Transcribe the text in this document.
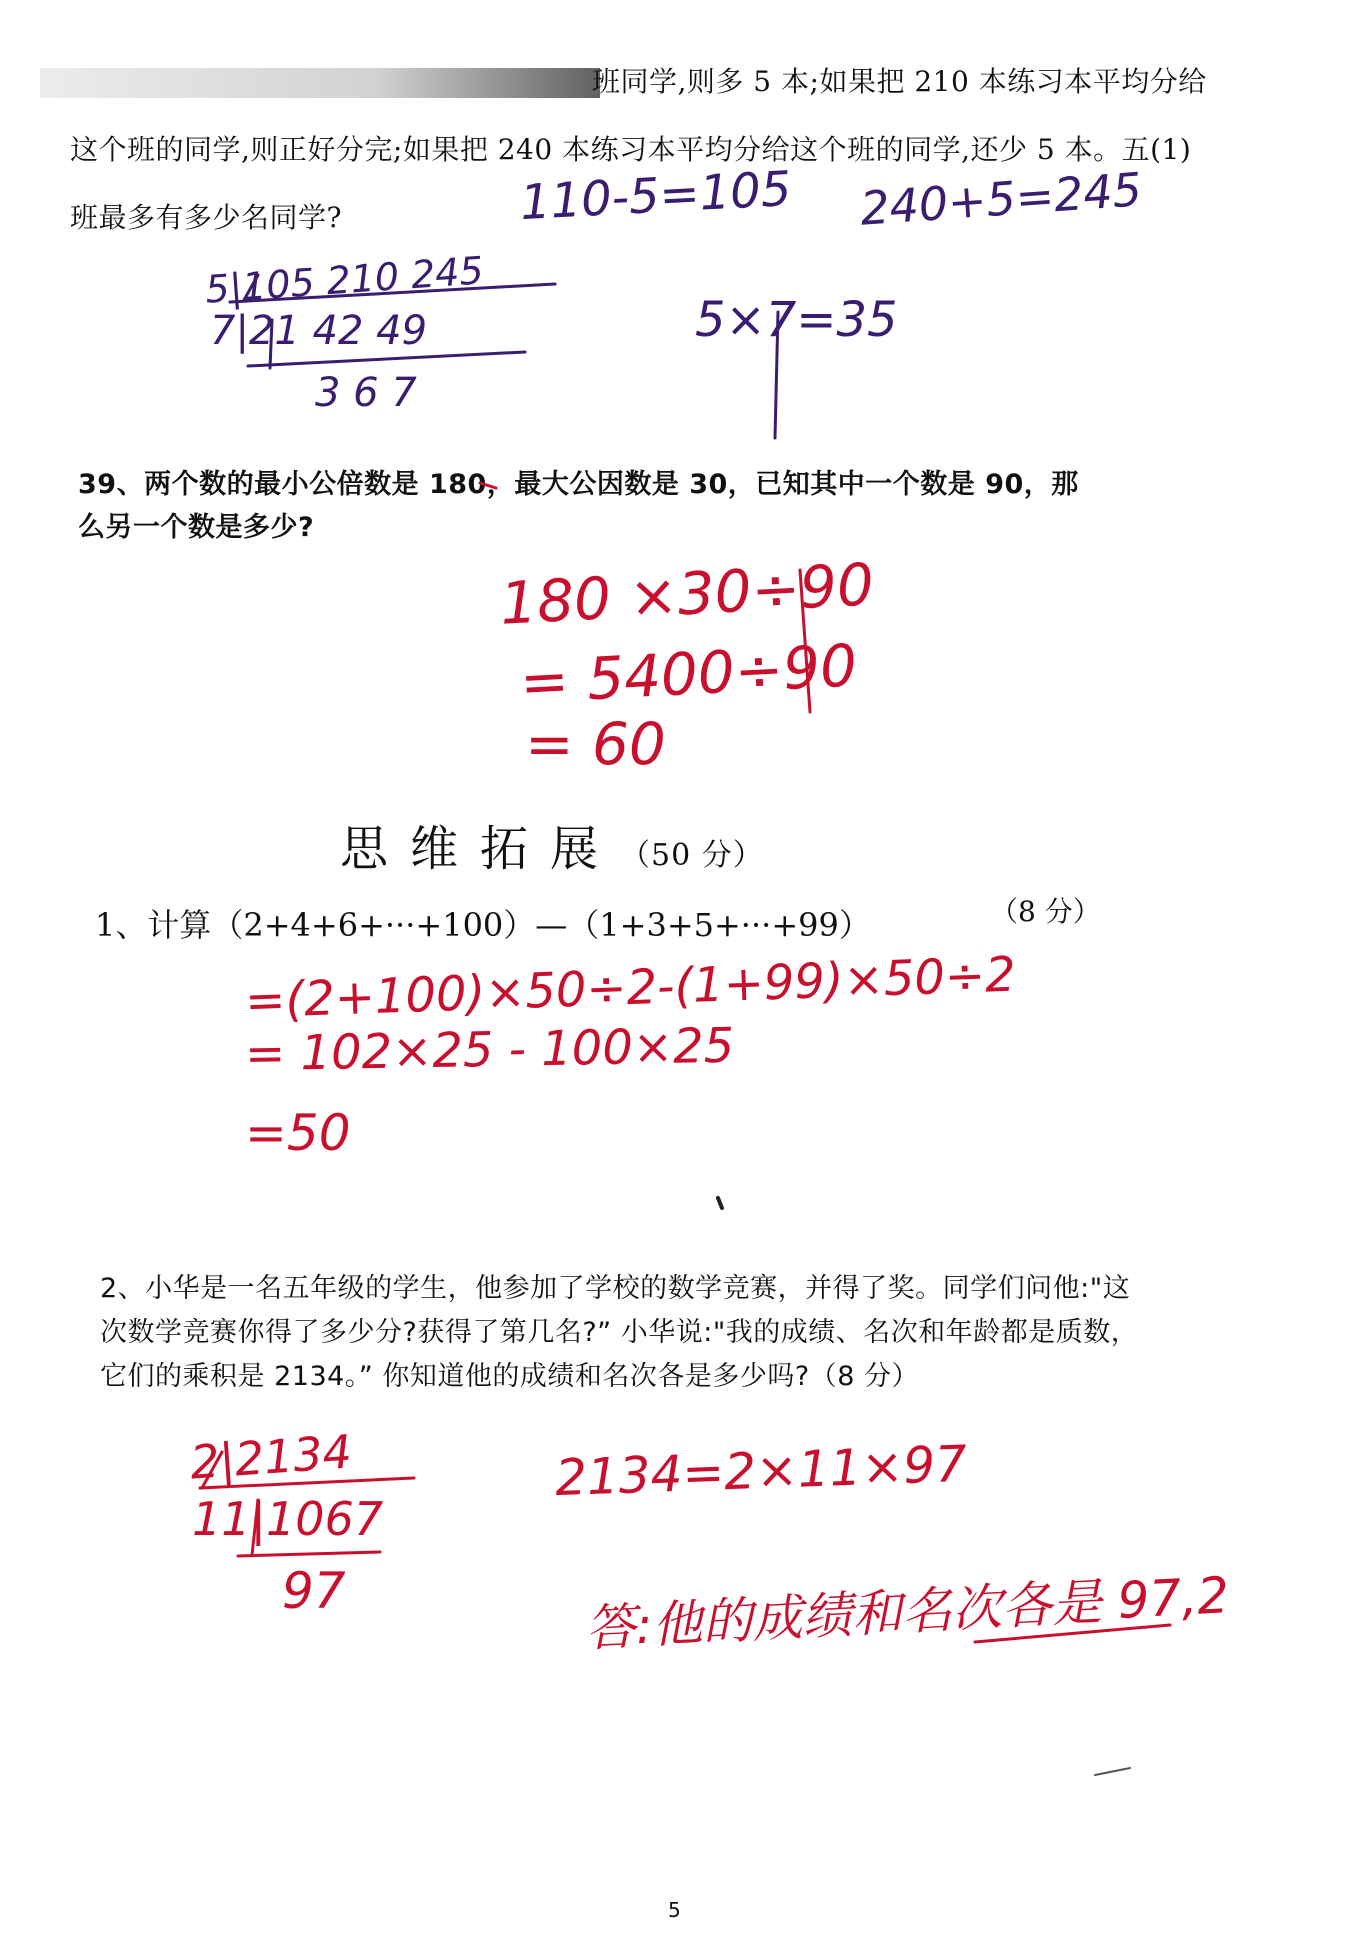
班同学,则多 5 本;如果把 210 本练习本平均分给
这个班的同学,则正好分完;如果把 240 本练习本平均分给这个班的同学,还少 5 本。五(1)
班最多有多少名同学?	110-5=105 240+5=245
5|105 210 245
7|21 42 49
3 6 7
5×7=35
39、两个数的最小公倍数是 180，最大公因数是 30，已知其中一个数是 90，那
么另一个数是多少?
180 ×30÷90
= 5400÷90
= 60
思维拓展（50 分）
1、计算（2+4+6+···+100）—（1+3+5+···+99）	（8 分）
=(2+100)×50÷2-(1+99)×50÷2
= 102×25 - 100×25
=50
2、小华是一名五年级的学生，他参加了学校的数学竞赛，并得了奖。同学们问他:"这
次数学竞赛你得了多少分?获得了第几名?” 小华说:"我的成绩、名次和年龄都是质数，
它们的乘积是 2134。” 你知道他的成绩和名次各是多少吗?（8 分）
2|2134
11|1067
97
2134=2×11×97
答:他的成绩和名次各是 97,2
5
